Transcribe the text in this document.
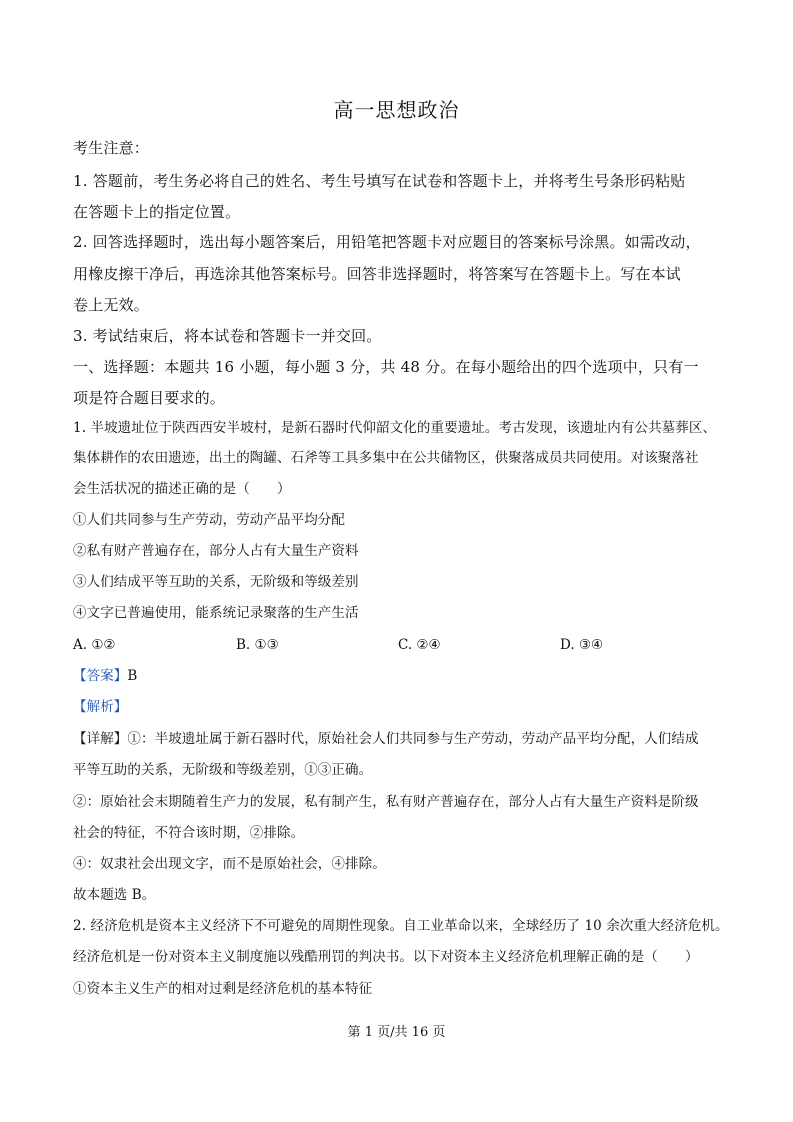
高一思想政治
考生注意：
1. 答题前，考生务必将自己的姓名、考生号填写在试卷和答题卡上，并将考生号条形码粘贴
在答题卡上的指定位置。
2. 回答选择题时，选出每小题答案后，用铅笔把答题卡对应题目的答案标号涂黑。如需改动，
用橡皮擦干净后，再选涂其他答案标号。回答非选择题时，将答案写在答题卡上。写在本试
卷上无效。
3. 考试结束后，将本试卷和答题卡一并交回。
一、选择题：本题共 16 小题，每小题 3 分，共 48 分。在每小题给出的四个选项中，只有一
项是符合题目要求的。
1. 半坡遗址位于陕西西安半坡村，是新石器时代仰韶文化的重要遗址。考古发现，该遗址内有公共墓葬区、
集体耕作的农田遗迹，出土的陶罐、石斧等工具多集中在公共储物区，供聚落成员共同使用。对该聚落社
会生活状况的描述正确的是（　　）
①人们共同参与生产劳动，劳动产品平均分配
②私有财产普遍存在，部分人占有大量生产资料
③人们结成平等互助的关系，无阶级和等级差别
④文字已普遍使用，能系统记录聚落的生产生活
A. ①②	B. ①③	C. ②④	D. ③④
【答案】B
【解析】
【详解】①：半坡遗址属于新石器时代，原始社会人们共同参与生产劳动，劳动产品平均分配，人们结成
平等互助的关系，无阶级和等级差别，①③正确。
②：原始社会末期随着生产力的发展，私有制产生，私有财产普遍存在，部分人占有大量生产资料是阶级
社会的特征，不符合该时期，②排除。
④：奴隶社会出现文字，而不是原始社会，④排除。
故本题选 B。
2. 经济危机是资本主义经济下不可避免的周期性现象。自工业革命以来，全球经历了 10 余次重大经济危机。
经济危机是一份对资本主义制度施以残酷刑罚的判决书。以下对资本主义经济危机理解正确的是（　　）
①资本主义生产的相对过剩是经济危机的基本特征
第 1 页/共 16 页
